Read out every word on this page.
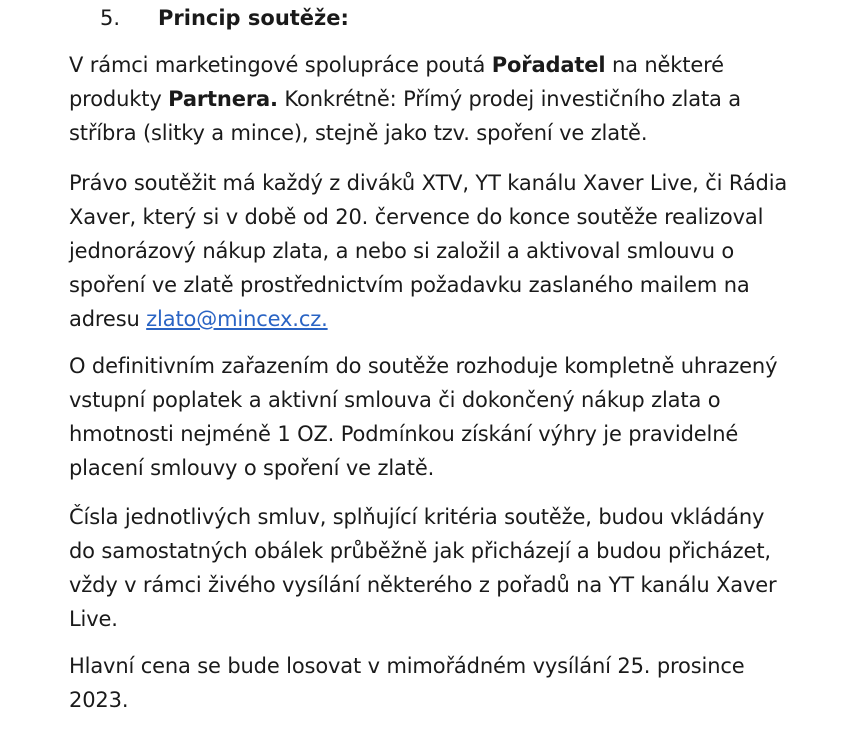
5. Princip soutěže:

V rámci marketingové spolupráce poutá Pořadatel na některé
produkty Partnera. Konkrétně: Přímý prodej investičního zlata a
stříbra (slitky a mince), stejně jako tzv. spoření ve zlatě.

Právo soutěžit má každý z diváků XTV, YT kanálu Xaver Live, či Rádia
Xaver, který si v době od 20. července do konce soutěže realizoval
jednorázový nákup zlata, a nebo si založil a aktivoval smlouvu o
spoření ve zlatě prostřednictvím požadavku zaslaného mailem na
adresu zlato@mincex.cz.

O definitivním zařazením do soutěže rozhoduje kompletně uhrazený
vstupní poplatek a aktivní smlouva či dokončený nákup zlata o
hmotnosti nejméně 1 OZ. Podmínkou získání výhry je pravidelné
placení smlouvy o spoření ve zlatě.

Čísla jednotlivých smluv, splňující kritéria soutěže, budou vkládány
do samostatných obálek průběžně jak přicházejí a budou přicházet,
vždy v rámci živého vysílání některého z pořadů na YT kanálu Xaver
Live.

Hlavní cena se bude losovat v mimořádném vysílání 25. prosince
2023.
